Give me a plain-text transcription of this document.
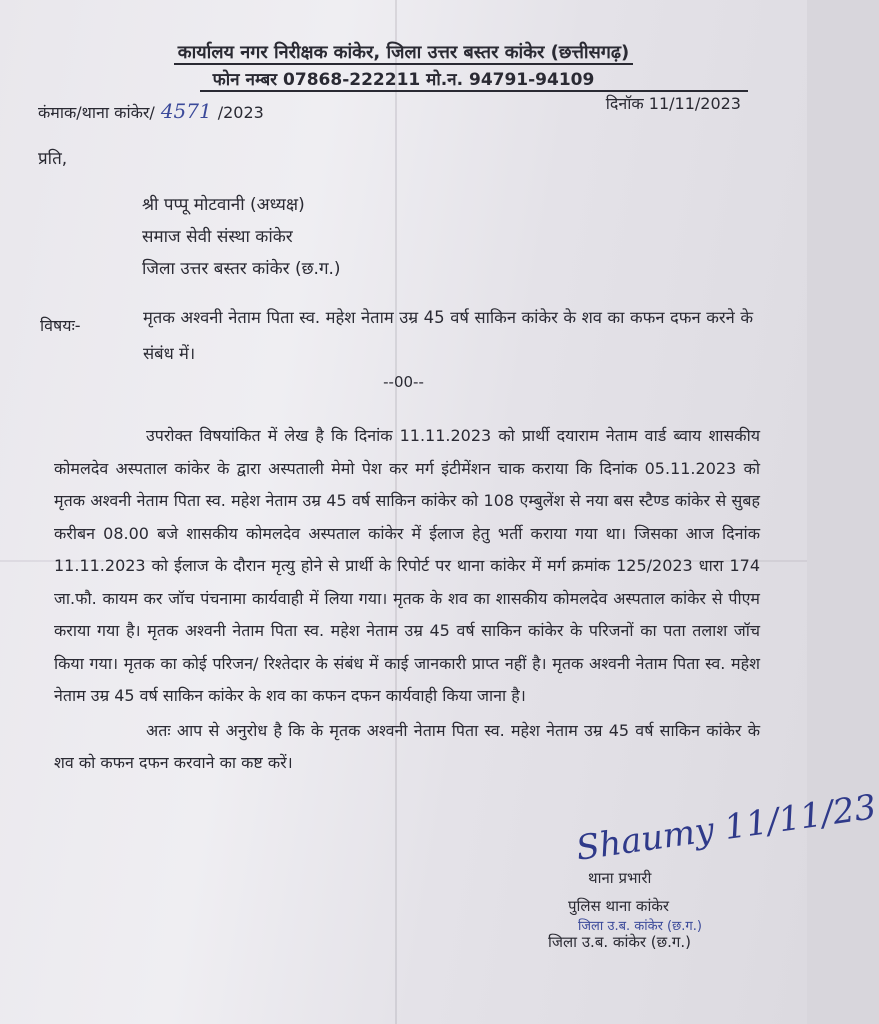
कार्यालय नगर निरीक्षक कांकेर, जिला उत्तर बस्तर कांकेर (छत्तीसगढ़)
फोन नम्बर 07868-222211 मो.न. 94791-94109
कंमाक/थाना कांकेर/ 4571 /2023	दिनॉक 11/11/2023
प्रति,
श्री पप्पू मोटवानी (अध्यक्ष)
समाज सेवी संस्था कांकेर
जिला उत्तर बस्तर कांकेर (छ.ग.)
विषयः-	मृतक अश्वनी नेताम पिता स्व. महेश नेताम उम्र 45 वर्ष साकिन कांकेर के शव का कफन दफन करने के संबंध में।
--00--

उपरोक्त विषयांकित में लेख है कि दिनांक 11.11.2023 को प्रार्थी दयाराम नेताम वार्ड ब्वाय शासकीय कोमलदेव अस्पताल कांकेर के द्वारा अस्पताली मेमो पेश कर मर्ग इंटीमेंशन चाक कराया कि दिनांक 05.11.2023 को मृतक अश्वनी नेताम पिता स्व. महेश नेताम उम्र 45 वर्ष साकिन कांकेर को 108 एम्बुलेंश से नया बस स्टैण्ड कांकेर से सुबह करीबन 08.00 बजे शासकीय कोमलदेव अस्पताल कांकेर में ईलाज हेतु भर्ती कराया गया था। जिसका आज दिनांक 11.11.2023 को ईलाज के दौरान मृत्यु होने से प्रार्थी के रिपोर्ट पर थाना कांकेर में मर्ग क्रमांक 125/2023 धारा 174 जा.फौ. कायम कर जॉच पंचनामा कार्यवाही में लिया गया। मृतक के शव का शासकीय कोमलदेव अस्पताल कांकेर से पीएम कराया गया है। मृतक अश्वनी नेताम पिता स्व. महेश नेताम उम्र 45 वर्ष साकिन कांकेर के परिजनों का पता तलाश जॉच किया गया। मृतक का कोई परिजन/ रिश्तेदार के संबंध में काई जानकारी प्राप्त नहीं है। मृतक अश्वनी नेताम पिता स्व. महेश नेताम उम्र 45 वर्ष साकिन कांकेर के शव का कफन दफन कार्यवाही किया जाना है।

अतः आप से अनुरोध है कि के मृतक अश्वनी नेताम पिता स्व. महेश नेताम उम्र 45 वर्ष साकिन कांकेर के शव को कफन दफन करवाने का कष्ट करें।

Shaumy 11/11/23
थाना प्रभारी
पुलिस थाना कांकेर
जिला उ.ब. कांकेर (छ.ग.)
जिला उ.ब. कांकेर (छ.ग.)
